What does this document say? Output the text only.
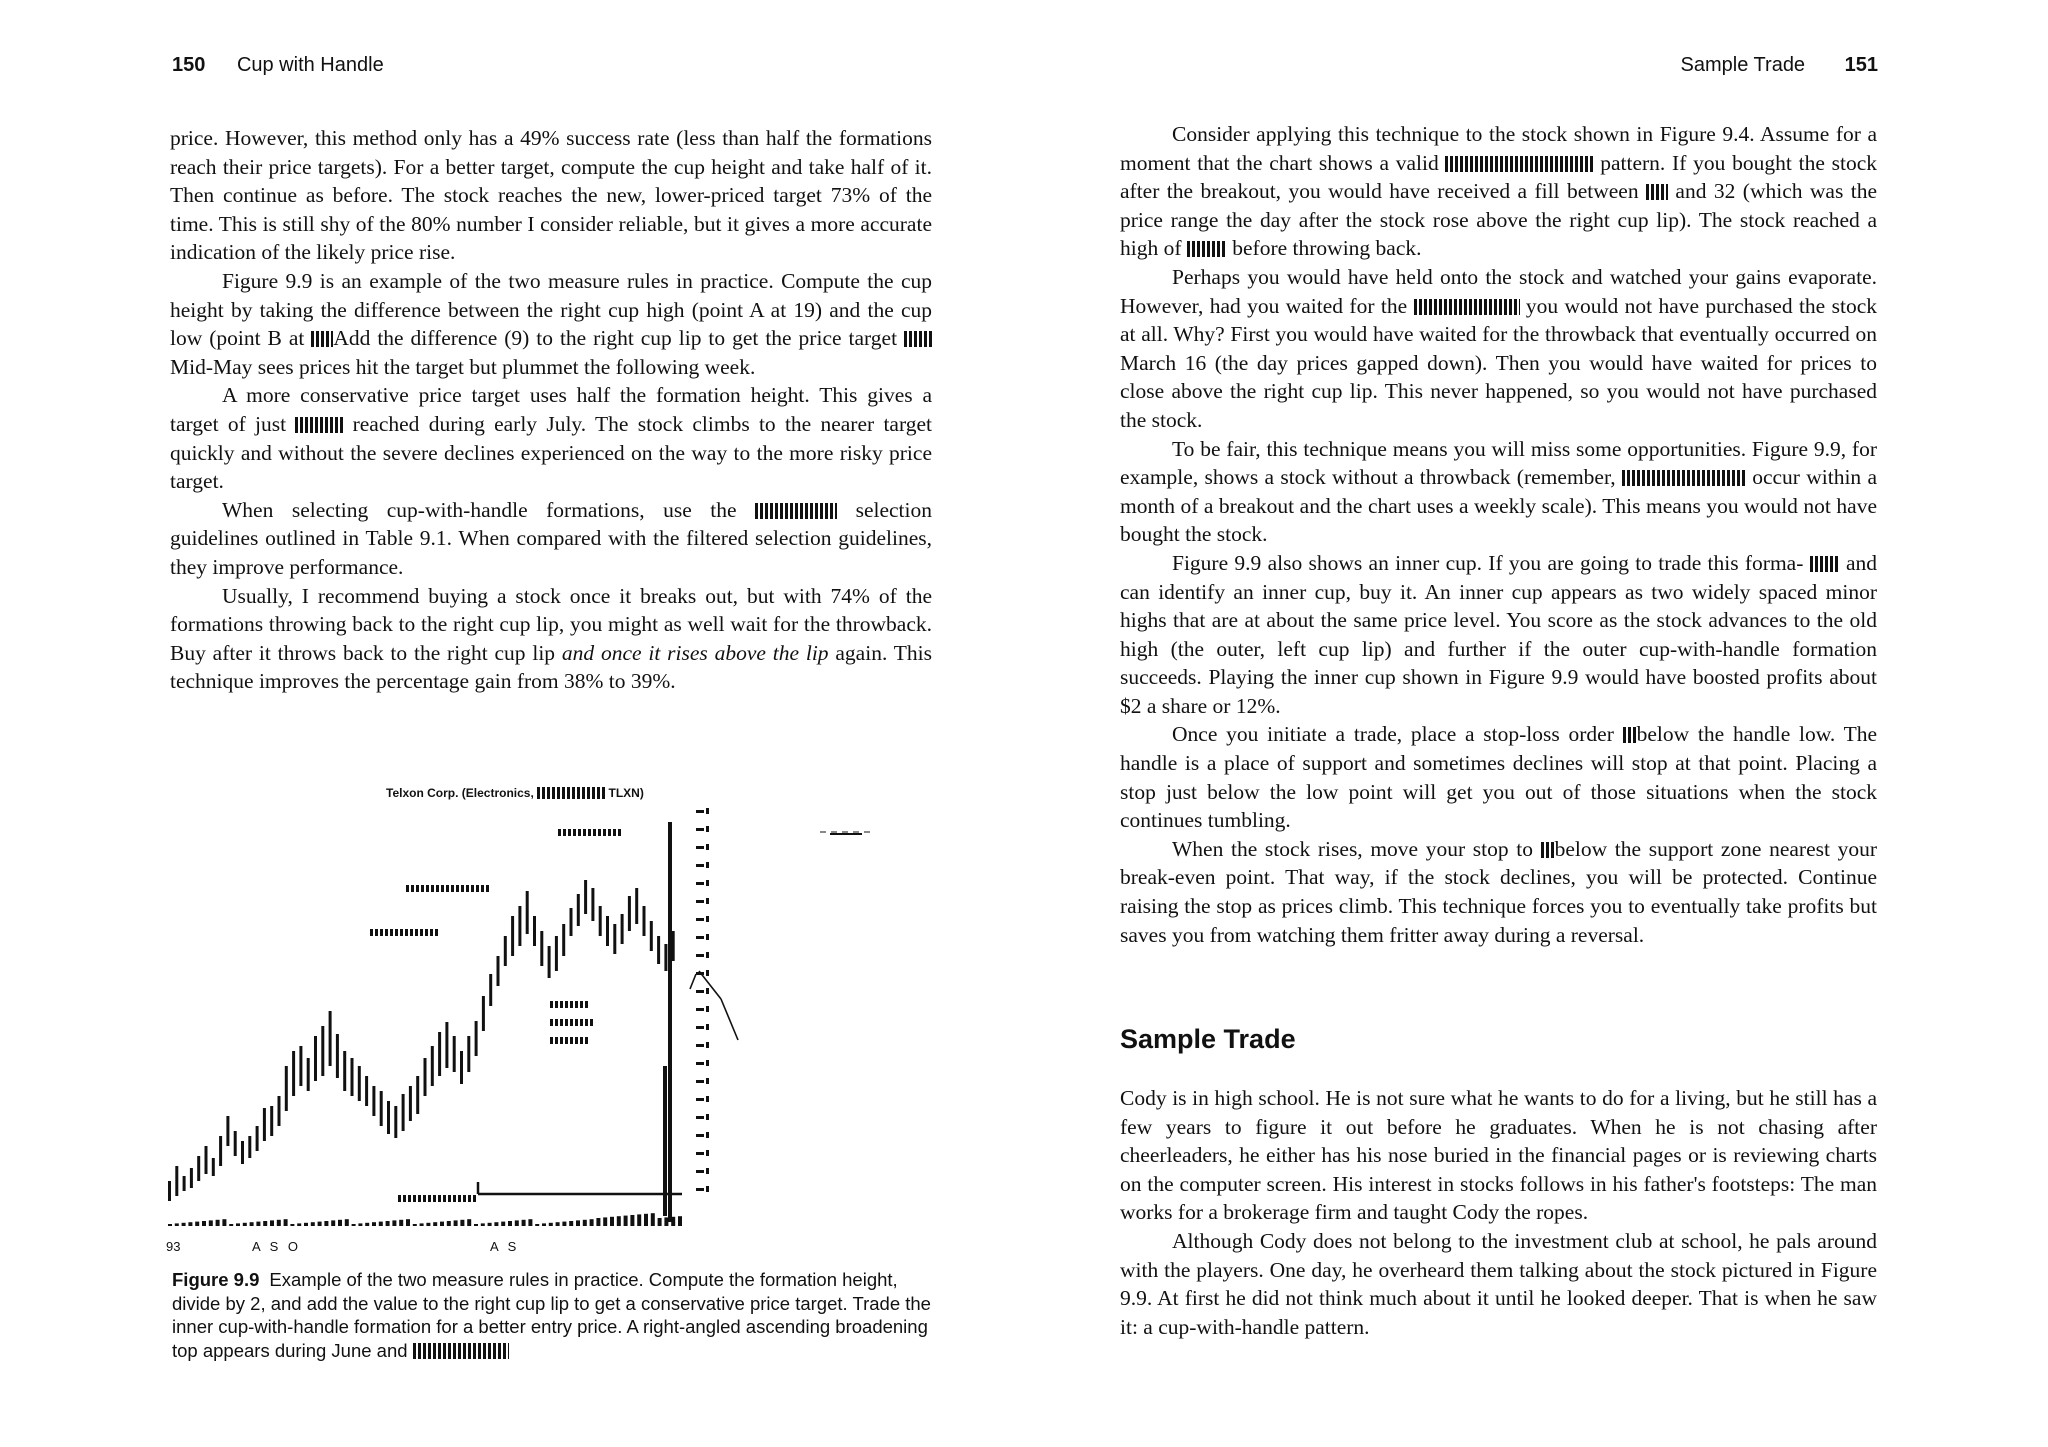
150 Cup with Handle

price. However, this method only has a 49% success rate (less than half the formations reach their price targets). For a better target, compute the cup height and take half of it. Then continue as before. The stock reaches the new, lower-priced target 73% of the time. This is still shy of the 80% number I consider reliable, but it gives a more accurate indication of the likely price rise.

Figure 9.9 is an example of the two measure rules in practice. Compute the cup height by taking the difference between the right cup high (point A at 19) and the cup low (point B at Add the difference (9) to the right cup lip to get the price target  Mid-May sees prices hit the target but plummet the following week.

A more conservative price target uses half the formation height. This gives a target of just	reached during early July. The stock climbs to the nearer target quickly and without the severe declines experienced on the way to the more risky price target.

When selecting cup-with-handle formations, use the	selection guidelines outlined in Table 9.1. When compared with the filtered selection guidelines, they improve performance.

Usually, I recommend buying a stock once it breaks out, but with 74% of the formations throwing back to the right cup lip, you might as well wait for the throwback. Buy after it throws back to the right cup lip and once it rises above the lip again. This technique improves the percentage gain from 38% to 39%.

Telxon Corp. (Electronics,	TLXN)
93	A S O	A S
Figure 9.9 Example of the two measure rules in practice. Compute the formation height, divide by 2, and add the value to the right cup lip to get a conservative price target. Trade the inner cup-with-handle formation for a better entry price. A right-angled ascending broadening top appears during June and
Sample Trade 151

Consider applying this technique to the stock shown in Figure 9.4. Assume for a moment that the chart shows a valid	pattern. If you bought the stock after the breakout, you would have received a fill between and 32 (which was the price range the day after the stock rose above the right cup lip). The stock reached a high of before throwing back.

Perhaps you would have held onto the stock and watched your gains evaporate. However, had you waited for the	you would not have purchased the stock at all. Why? First you would have waited for the throwback that eventually occurred on March 16 (the day prices gapped down). Then you would have waited for prices to close above the right cup lip. This never happened, so you would not have purchased the stock.

To be fair, this technique means you will miss some opportunities. Figure 9.9, for example, shows a stock without a throwback (remember,	occur within a month of a breakout and the chart uses a weekly scale). This means you would not have bought the stock.

Figure 9.9 also shows an inner cup. If you are going to trade this forma- and can identify an inner cup, buy it. An inner cup appears as two widely spaced minor highs that are at about the same price level. You score as the stock advances to the old high (the outer, left cup lip) and further if the outer cup-with-handle formation succeeds. Playing the inner cup shown in Figure 9.9 would have boosted profits about $2 a share or 12%.

Once you initiate a trade, place a stop-loss order below the handle low. The handle is a place of support and sometimes declines will stop at that point. Placing a stop just below the low point will get you out of those situations when the stock continues tumbling.

When the stock rises, move your stop to below the support zone nearest your break-even point. That way, if the stock declines, you will be protected. Continue raising the stop as prices climb. This technique forces you to eventually take profits but saves you from watching them fritter away during a reversal.

Sample Trade

Cody is in high school. He is not sure what he wants to do for a living, but he still has a few years to figure it out before he graduates. When he is not chasing after cheerleaders, he either has his nose buried in the financial pages or is reviewing charts on the computer screen. His interest in stocks follows in his father's footsteps: The man works for a brokerage firm and taught Cody the ropes.

Although Cody does not belong to the investment club at school, he pals around with the players. One day, he overheard them talking about the stock pictured in Figure 9.9. At first he did not think much about it until he looked deeper. That is when he saw it: a cup-with-handle pattern.
